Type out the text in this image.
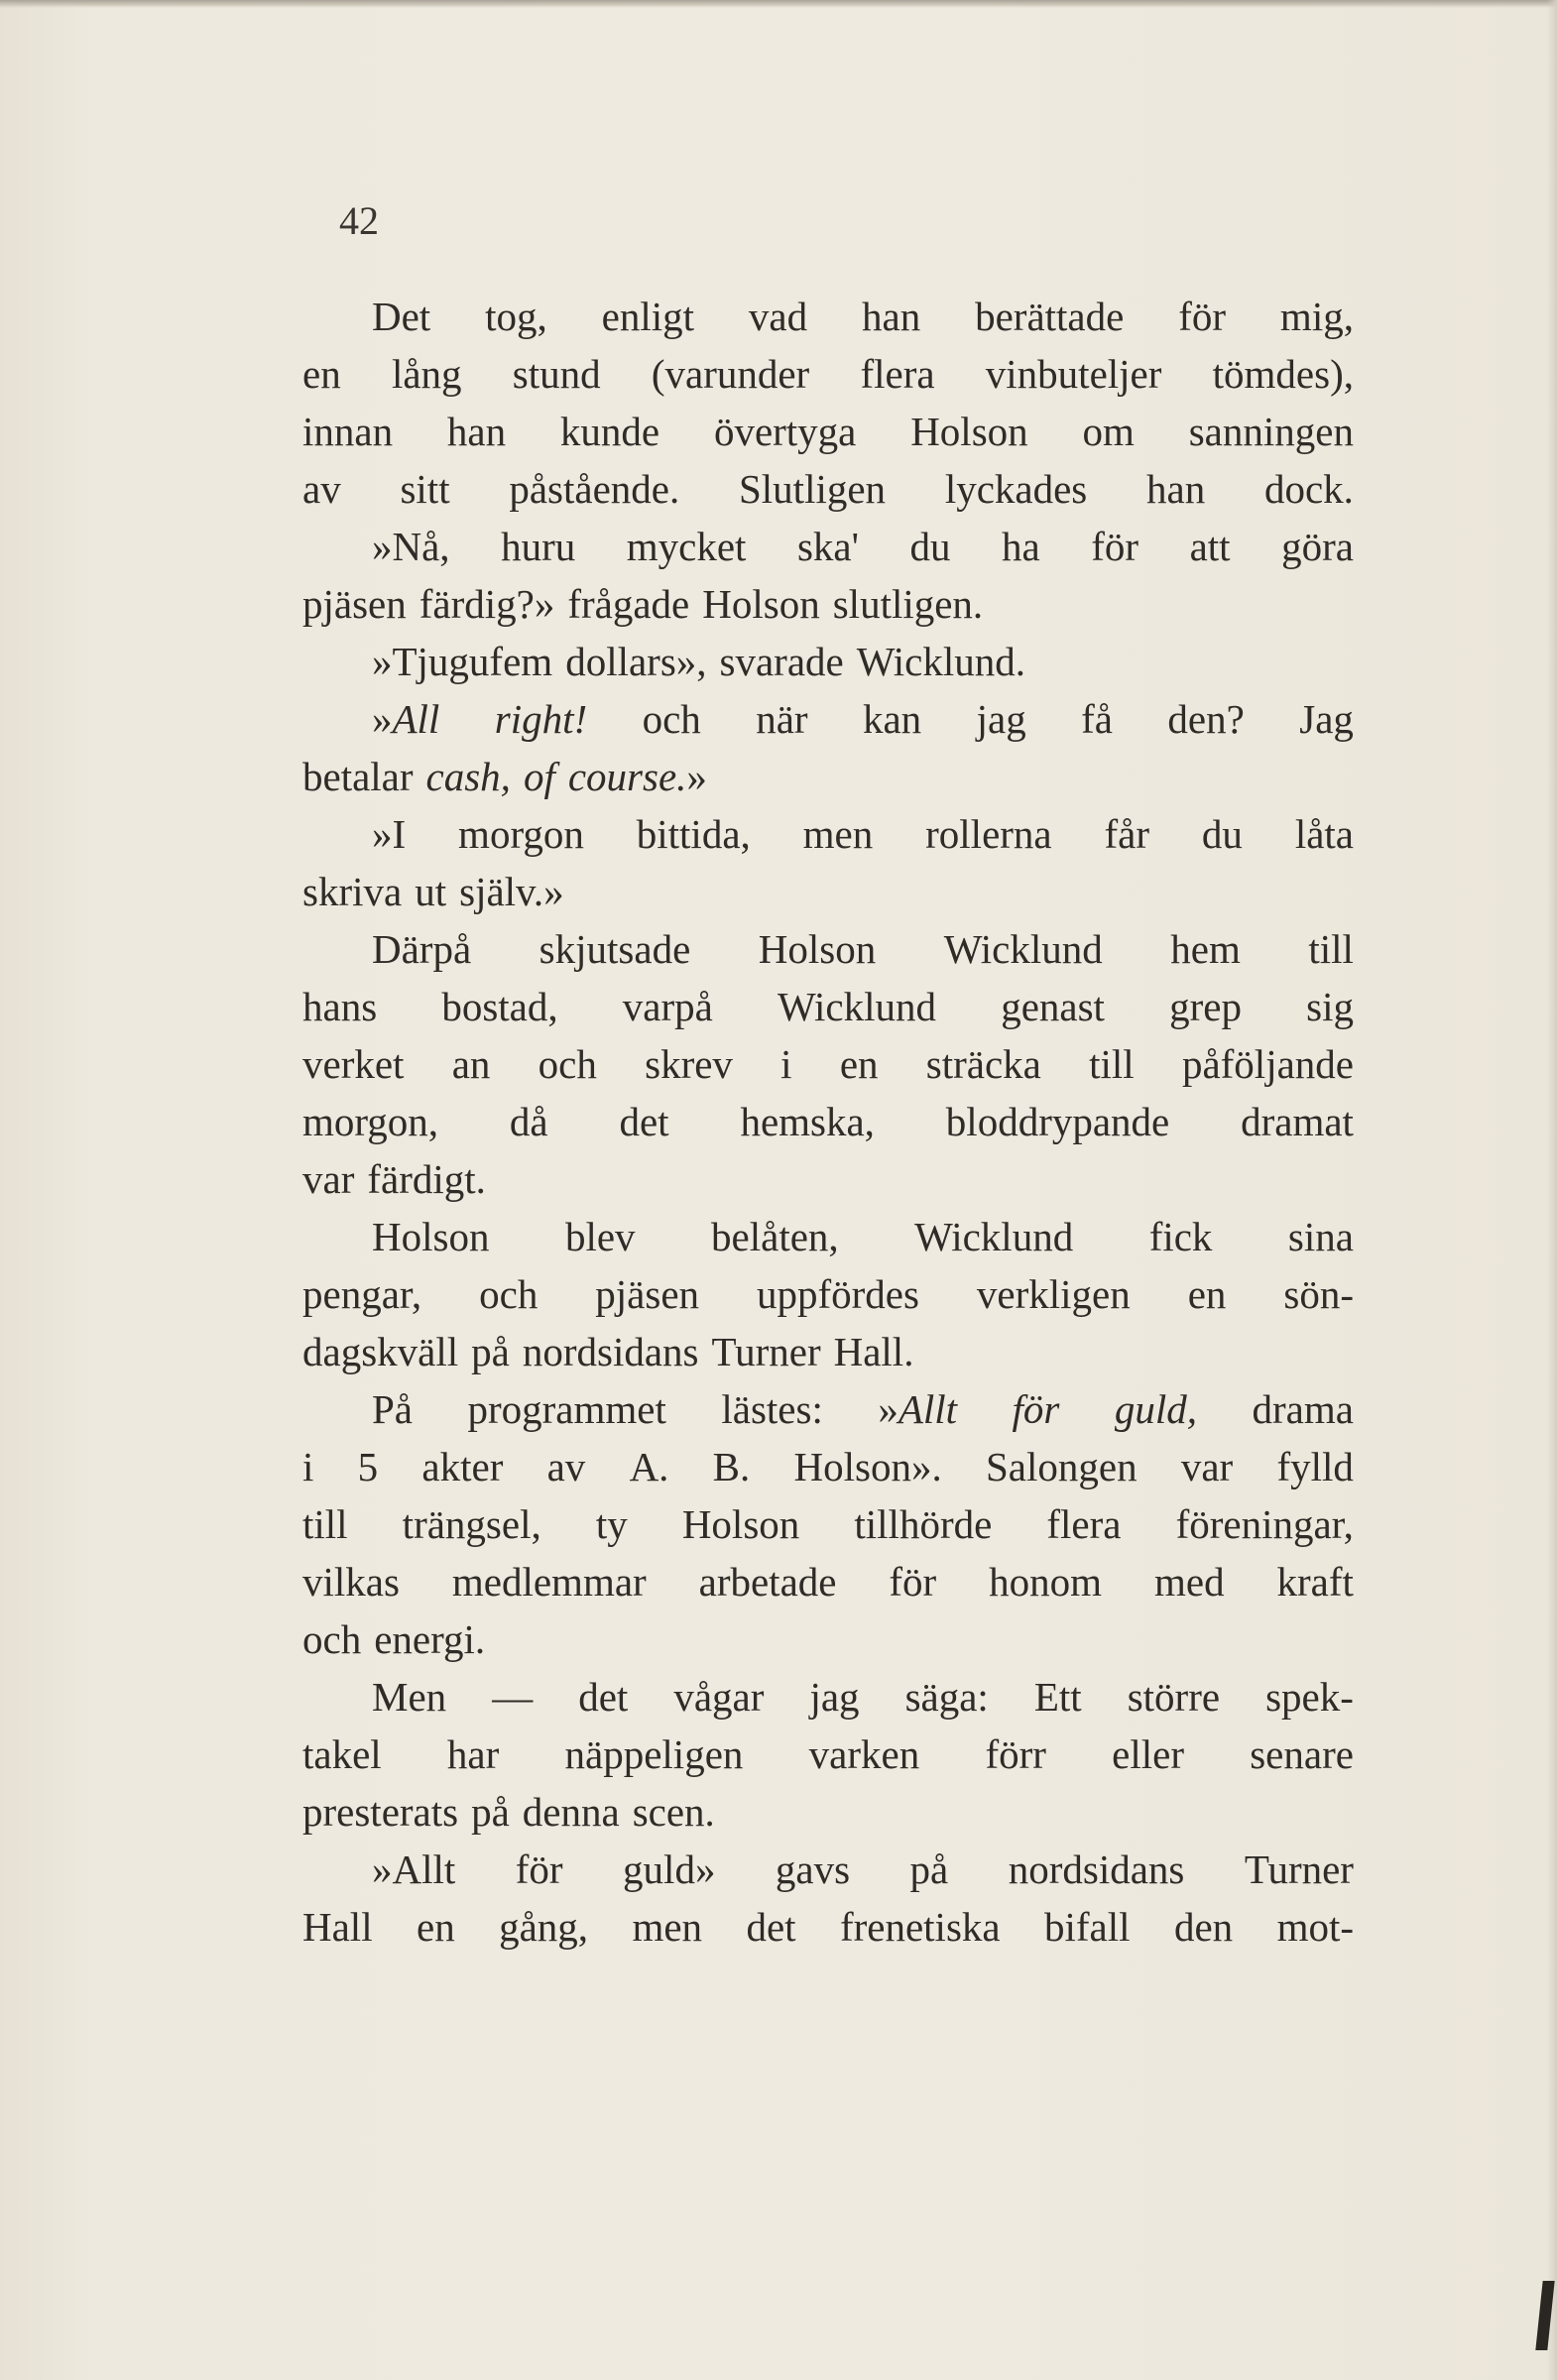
42

Det tog, enligt vad han berättade för mig,
en lång stund (varunder flera vinbuteljer tömdes),
innan han kunde övertyga Holson om sanningen
av sitt påstående. Slutligen lyckades han dock.
»Nå, huru mycket ska' du ha för att göra
pjäsen färdig?» frågade Holson slutligen.
»Tjugufem dollars», svarade Wicklund.
»All right! och när kan jag få den? Jag
betalar cash, of course.»
»I morgon bittida, men rollerna får du låta
skriva ut själv.»
Därpå skjutsade Holson Wicklund hem till
hans bostad, varpå Wicklund genast grep sig
verket an och skrev i en sträcka till påföljande
morgon, då det hemska, bloddrypande dramat
var färdigt.
Holson blev belåten, Wicklund fick sina
pengar, och pjäsen uppfördes verkligen en sön-
dagskväll på nordsidans Turner Hall.
På programmet lästes: »Allt för guld, drama
i 5 akter av A. B. Holson». Salongen var fylld
till trängsel, ty Holson tillhörde flera föreningar,
vilkas medlemmar arbetade för honom med kraft
och energi.
Men — det vågar jag säga: Ett större spek-
takel har näppeligen varken förr eller senare
presterats på denna scen.
»Allt för guld» gavs på nordsidans Turner
Hall en gång, men det frenetiska bifall den mot-
